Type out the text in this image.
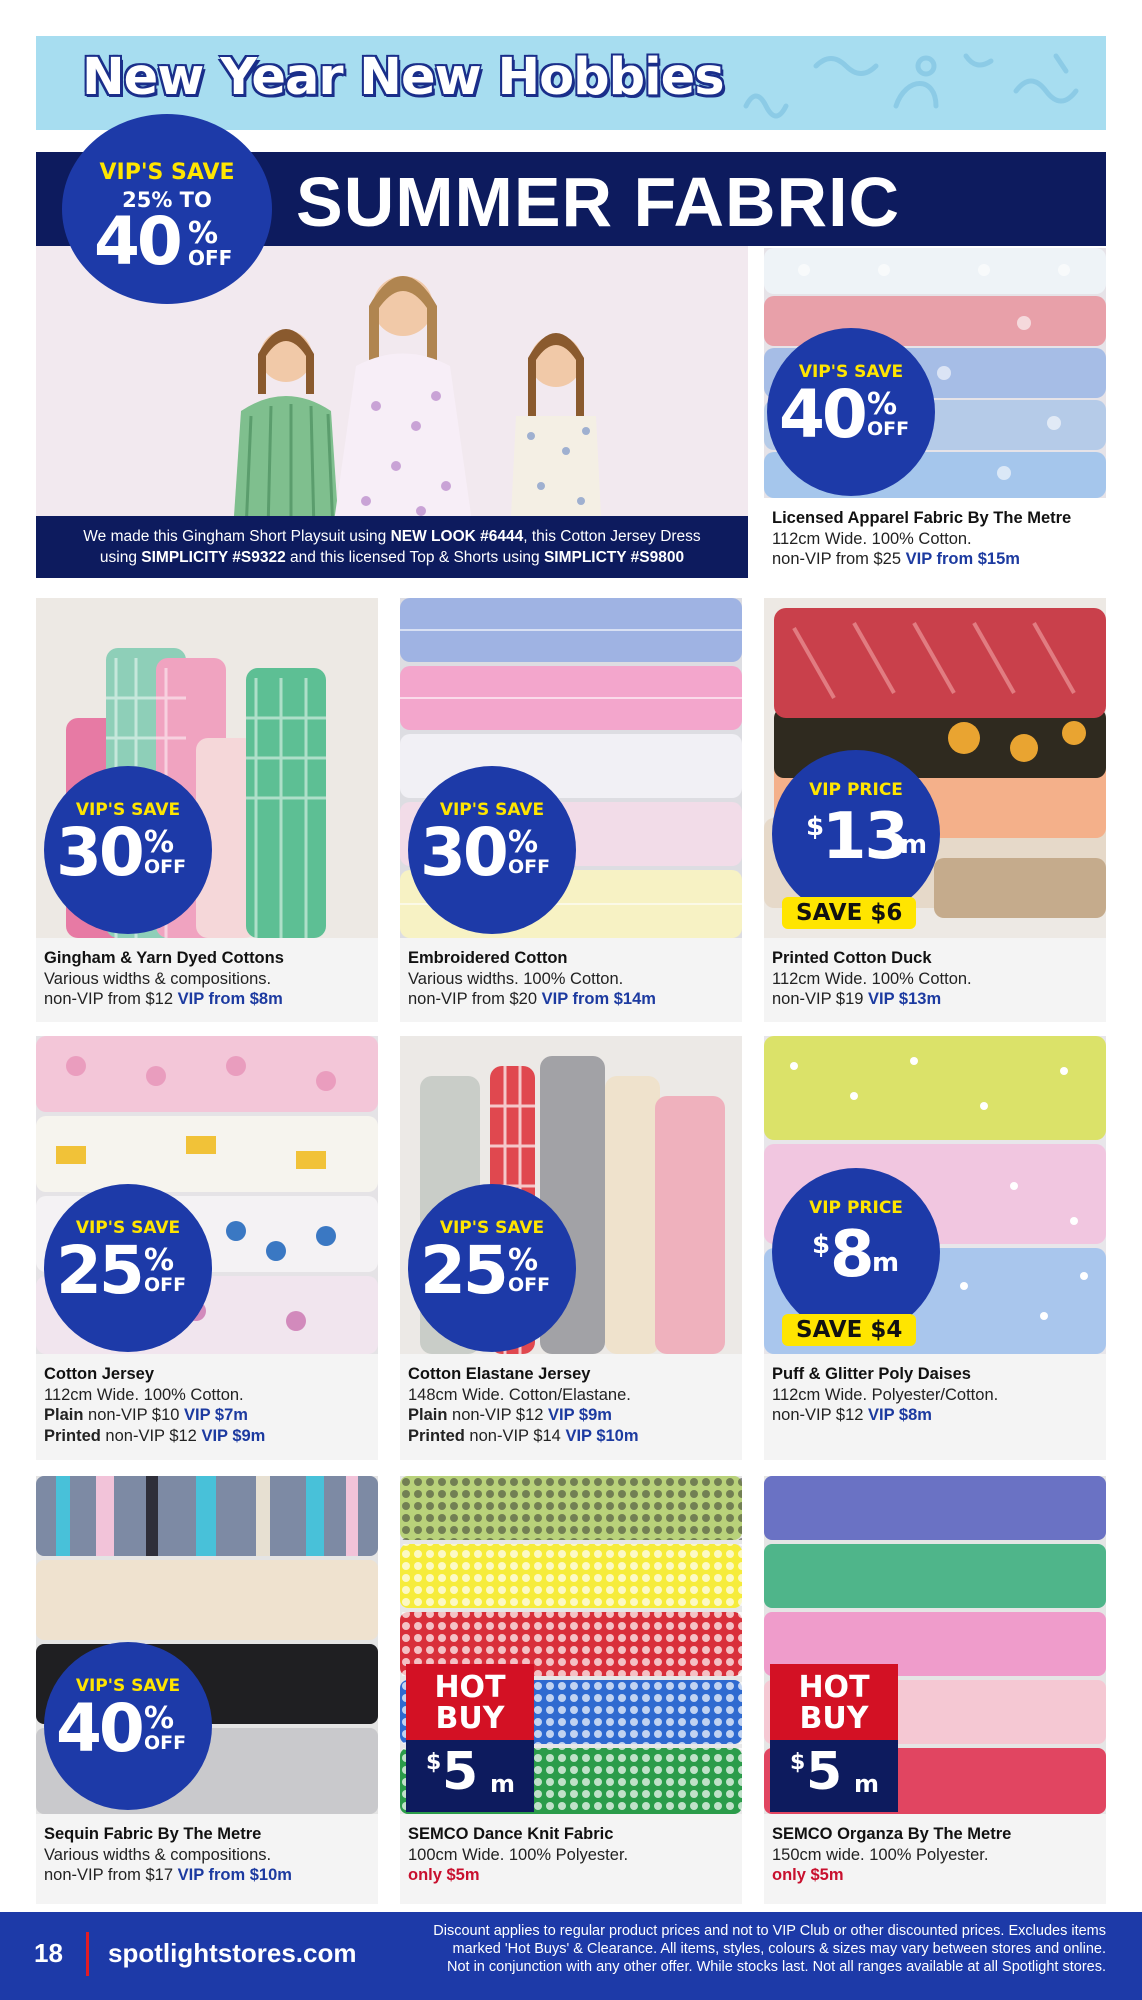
New Year New Hobbies
We made this Gingham Short Playsuit using NEW LOOK #6444, this Cotton Jersey Dress
using SIMPLICITY #S9322 and this licensed Top & Shorts using SIMPLICTY #S9800
SUMMER FABRIC
VIP'S SAVE
25% TO
40 %
OFF
Licensed Apparel Fabric By The Metre
112cm Wide. 100% Cotton.
non-VIP from $25 VIP from $15m
VIP'S SAVE
40 %
OFF
Gingham & Yarn Dyed Cottons
Various widths & compositions.
non-VIP from $12 VIP from $8m
VIP'S SAVE
30 %
OFF
Embroidered Cotton
Various widths. 100% Cotton.
non-VIP from $20 VIP from $14m
VIP'S SAVE
30 %
OFF
Printed Cotton Duck
112cm Wide. 100% Cotton.
non-VIP $19 VIP $13m
VIP PRICE
$
13
m
SAVE $6
Cotton Jersey
112cm Wide. 100% Cotton.
Plain non-VIP $10 VIP $7m
Printed non-VIP $12 VIP $9m
VIP'S SAVE
25 %
OFF
Cotton Elastane Jersey
148cm Wide. Cotton/Elastane.
Plain non-VIP $12 VIP $9m
Printed non-VIP $14 VIP $10m
VIP'S SAVE
25 %
OFF
Puff & Glitter Poly Daises
112cm Wide. Polyester/Cotton.
non-VIP $12 VIP $8m
VIP PRICE
$ 8 m
SAVE $4
Sequin Fabric By The Metre
Various widths & compositions.
non-VIP from $17 VIP from $10m
VIP'S SAVE
40 %
OFF
SEMCO Dance Knit Fabric
100cm Wide. 100% Polyester.
only $5m
HOT
BUY
$ 5 m
SEMCO Organza By The Metre
150cm wide. 100% Polyester.
only $5m
HOT
BUY
$ 5 m
18 spotlightstores.com
Discount applies to regular product prices and not to VIP Club or other discounted prices. Excludes items
marked 'Hot Buys' & Clearance. All items, styles, colours & sizes may vary between stores and online.
Not in conjunction with any other offer. While stocks last. Not all ranges available at all Spotlight stores.
